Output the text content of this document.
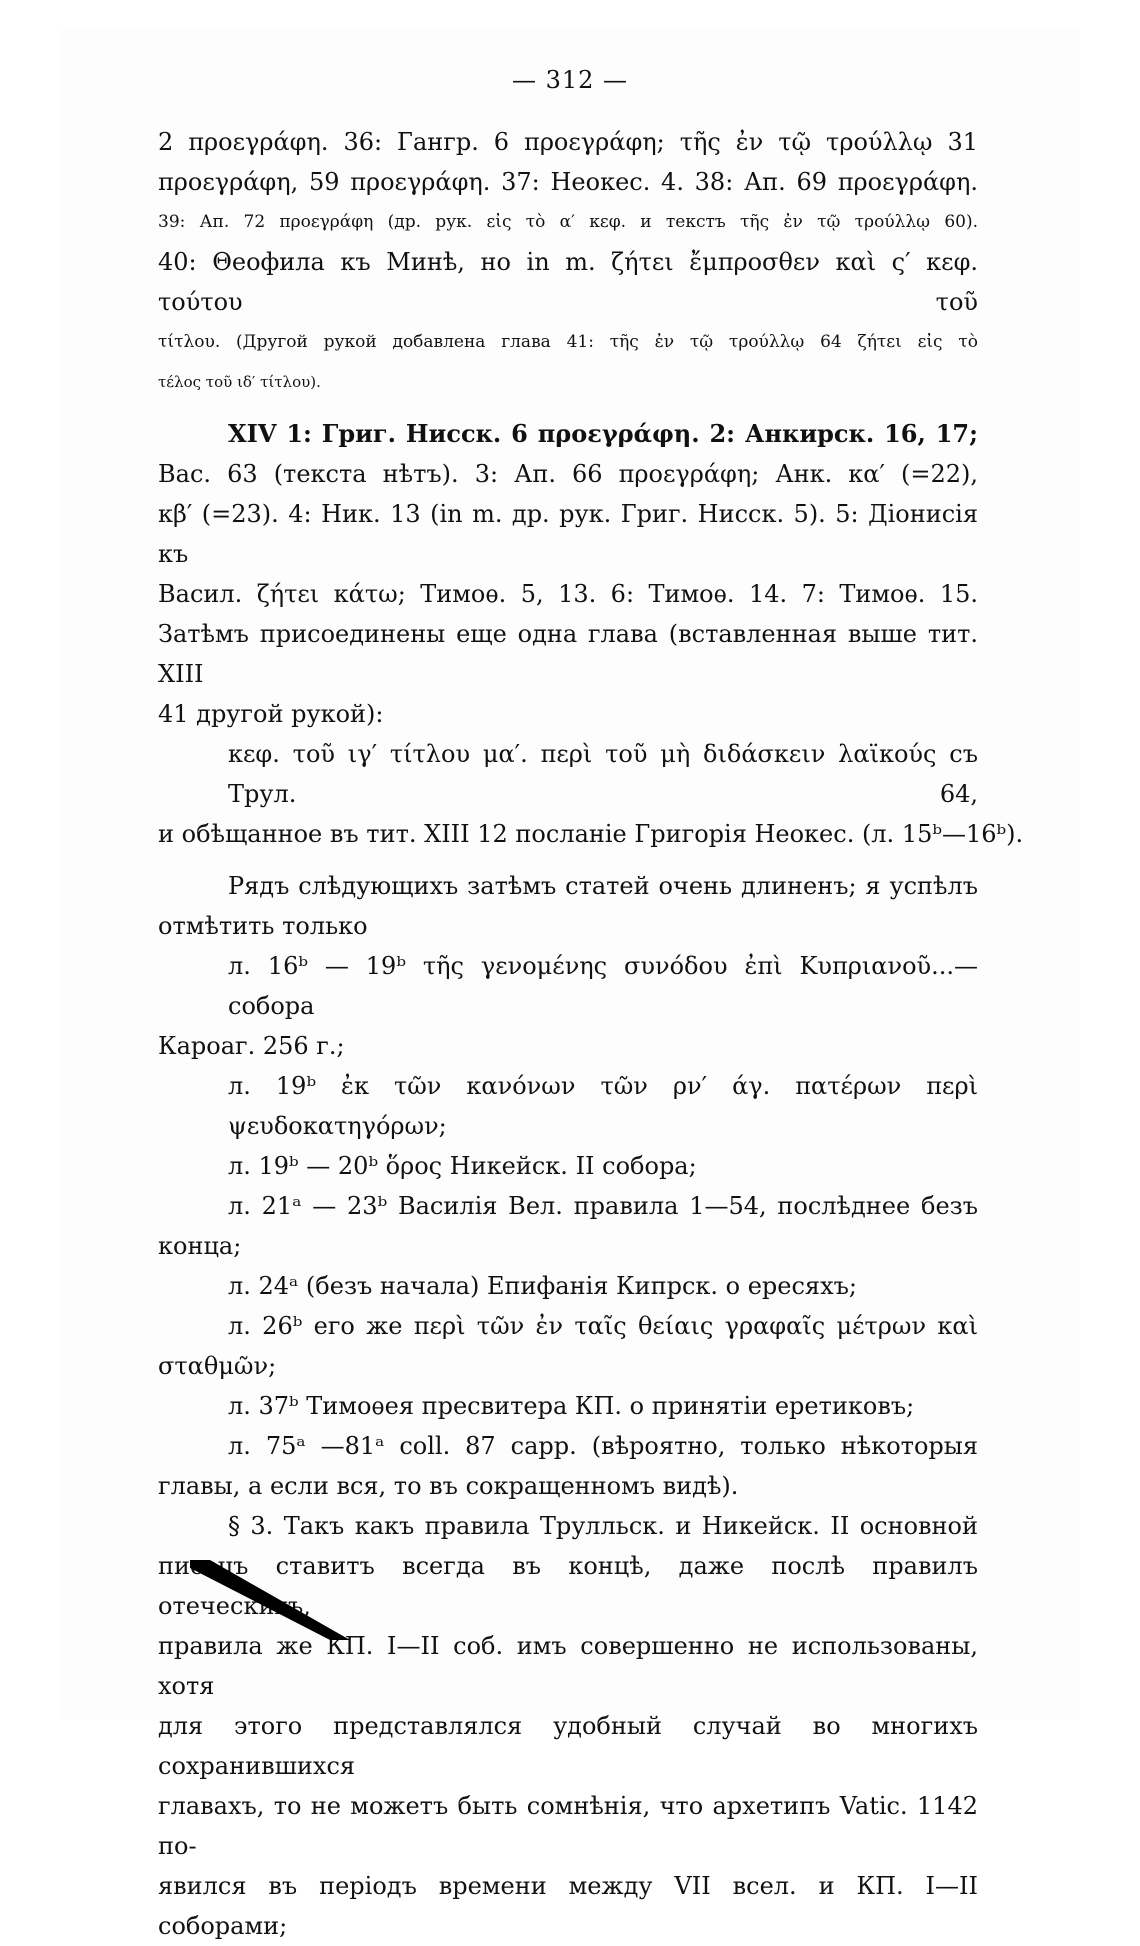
— 312 —
2 προεγράφη. 36: Гангр. 6 προεγράφη; τῆς ἐν τῷ τρούλλῳ 31
προεγράφη, 59 προεγράφη. 37: Неокес. 4. 38: Ап. 69 προεγράφη.
39: Ап. 72 προεγράφη (др. рук. εἰς τὸ α′ κεφ. и текстъ τῆς ἐν τῷ τρούλλῳ 60).
40: Θеофила къ Минѣ, но in m. ζήτει ἔμπροσθεν καὶ ς′ κεφ. τούτου τοῦ
τίτλου. (Другой рукой добавлена глава 41: τῆς ἐν τῷ τρούλλῳ 64 ζήτει εἰς τὸ
τέλος τοῦ ιδ′ τίτλου).
XIV 1: Григ. Нисск. 6 προεγράφη. 2: Анкирск. 16, 17;
Вас. 63 (текста нѣтъ). 3: Ап. 66 προεγράφη; Анк. κα′ (=22),
κβ′ (=23). 4: Ник. 13 (in m. др. рук. Григ. Нисск. 5). 5: Діонисія къ
Васил. ζήτει κάτω; Тимоѳ. 5, 13. 6: Тимоѳ. 14. 7: Тимоѳ. 15.
Затѣмъ присоединены еще одна глава (вставленная выше тит. XIII
41 другой рукой):
κεφ. τοῦ ιγ′ τίτλου μα′. περὶ τοῦ μὴ διδάσκειν λαϊκούς съ Трул. 64,
и обѣщанное въ тит. XIII 12 посланіе Григорія Неокес. (л. 15ᵇ—16ᵇ).
Рядъ слѣдующихъ затѣмъ статей очень длиненъ; я успѣлъ
отмѣтить только
л. 16ᵇ — 19ᵇ τῆς γενομένης συνόδου ἐπὶ Κυπριανοῦ...—собора
Кароаг. 256 г.;
л. 19ᵇ ἐκ τῶν κανόνων τῶν ρν′ άγ. πατέρων περὶ ψευδοκατηγόρων;
л. 19ᵇ — 20ᵇ ὅρος Никейск. II собора;
л. 21ᵃ — 23ᵇ Василія Вел. правила 1—54, послѣднее безъ
конца;
л. 24ᵃ (безъ начала) Епифанія Кипрск. о ересяхъ;
л. 26ᵇ его же περὶ τῶν ἐν ταῖς θείαις γραφαῖς μέτρων καὶ
σταθμῶν;
л. 37ᵇ Тимоѳея пресвитера КП. о принятіи еретиковъ;
л. 75ᵃ —81ᵃ coll. 87 capp. (вѣроятно, только нѣкоторыя
главы, а если вся, то въ сокращенномъ видѣ).
§ 3. Такъ какъ правила Трулльск. и Никейск. II основной
писецъ ставитъ всегда въ концѣ, даже послѣ правилъ отеческихъ,
правила же КП. I—II соб. имъ совершенно не использованы, хотя
для этого представлялся удобный случай во многихъ сохранившихся
главахъ, то не можетъ быть сомнѣнія, что архетипъ Vatic. 1142 по-
явился въ періодъ времени между VII всел. и КП. I—II соборами;
